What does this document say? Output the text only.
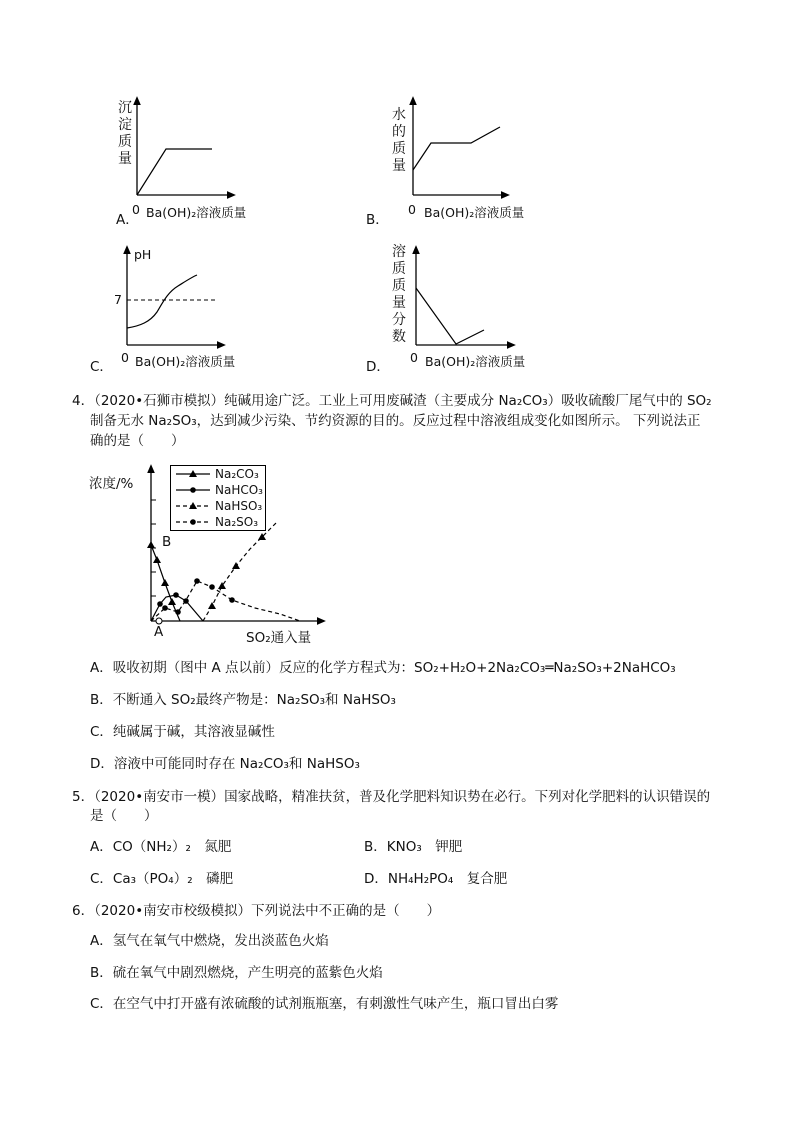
沉
淀
质
量
0 Ba(OH)₂溶液质量
A．
水
的
质
量
0 Ba(OH)₂溶液质量
B．
pH
7
0 Ba(OH)₂溶液质量
C．
溶
质
质
量
分
数
0 Ba(OH)₂溶液质量
D．
4．（2020•石狮市模拟）纯碱用途广泛。工业上可用废碱渣（主要成分 Na₂CO₃）吸收硫酸厂尾气中的 SO₂
制备无水 Na₂SO₃，达到减少污染、节约资源的目的。反应过程中溶液组成变化如图所示。 下列说法正
确的是（　　）
浓度/%
B
A	SO₂通入量
Na₂CO₃
NaHCO₃
NaHSO₃
Na₂SO₃
A．吸收初期（图中 A 点以前）反应的化学方程式为：SO₂+H₂O+2Na₂CO₃═Na₂SO₃+2NaHCO₃
B．不断通入 SO₂最终产物是：Na₂SO₃和 NaHSO₃
C．纯碱属于碱，其溶液显碱性
D．溶液中可能同时存在 Na₂CO₃和 NaHSO₃
5．（2020•南安市一模）国家战略，精准扶贫，普及化学肥料知识势在必行。下列对化学肥料的认识错误的
是（　　）
A．CO（NH₂）₂　氮肥	B．KNO₃　钾肥
C．Ca₃（PO₄）₂　磷肥	D．NH₄H₂PO₄　复合肥
6．（2020•南安市校级模拟）下列说法中不正确的是（　　）
A．氢气在氧气中燃烧，发出淡蓝色火焰
B．硫在氧气中剧烈燃烧，产生明亮的蓝紫色火焰
C．在空气中打开盛有浓硫酸的试剂瓶瓶塞，有刺激性气味产生，瓶口冒出白雾
